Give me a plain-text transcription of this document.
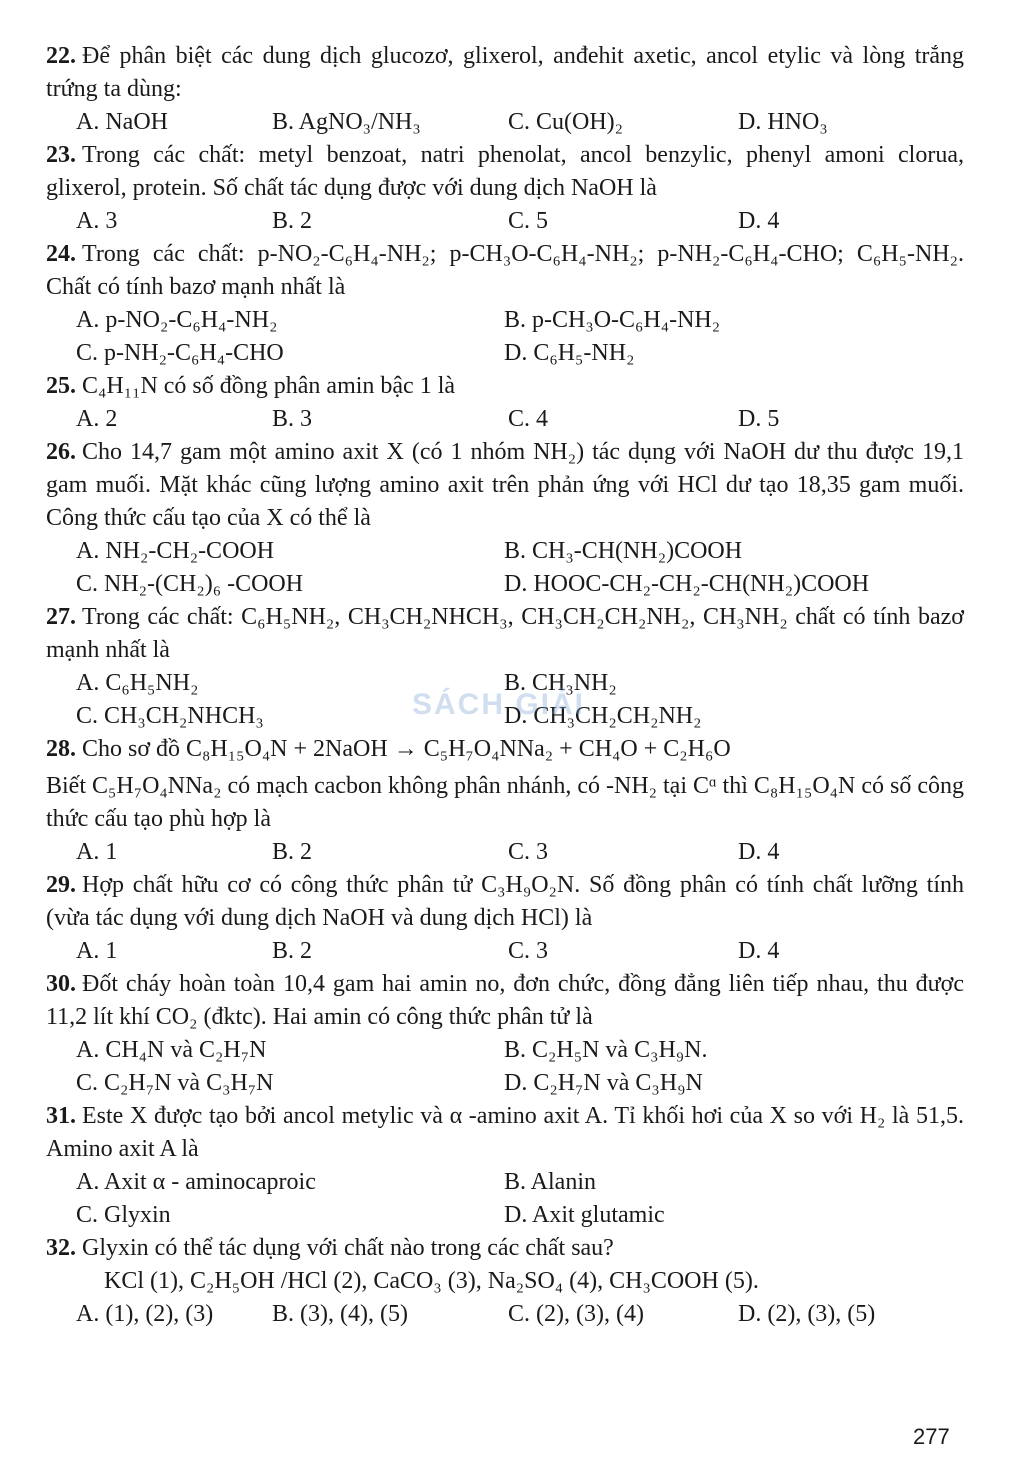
22. Để phân biệt các dung dịch glucozơ, glixerol, anđehit axetic, ancol etylic và lòng trắng trứng ta dùng:
A. NaOH	B. AgNO₃/NH₃	C. Cu(OH)₂	D. HNO₃
23. Trong các chất: metyl benzoat, natri phenolat, ancol benzylic, phenyl amoni clorua, glixerol, protein. Số chất tác dụng được với dung dịch NaOH là
A. 3	B. 2	C. 5	D. 4
24. Trong các chất: p-NO₂-C₆H₄-NH₂; p-CH₃O-C₆H₄-NH₂; p-NH₂-C₆H₄-CHO; C₆H₅-NH₂. Chất có tính bazơ mạnh nhất là
A. p-NO₂-C₆H₄-NH₂	B. p-CH₃O-C₆H₄-NH₂
C. p-NH₂-C₆H₄-CHO	D. C₆H₅-NH₂
25. C₄H₁₁N có số đồng phân amin bậc 1 là
A. 2	B. 3	C. 4	D. 5
26. Cho 14,7 gam một amino axit X (có 1 nhóm NH₂) tác dụng với NaOH dư thu được 19,1 gam muối. Mặt khác cũng lượng amino axit trên phản ứng với HCl dư tạo 18,35 gam muối. Công thức cấu tạo của X có thể là
A. NH₂-CH₂-COOH	B. CH₃-CH(NH₂)COOH
C. NH₂-(CH₂)₆ -COOH	D. HOOC-CH₂-CH₂-CH(NH₂)COOH
27. Trong các chất: C₆H₅NH₂, CH₃CH₂NHCH₃, CH₃CH₂CH₂NH₂, CH₃NH₂ chất có tính bazơ mạnh nhất là
A. C₆H₅NH₂	B. CH₃NH₂
C. CH₃CH₂NHCH₃	D. CH₃CH₂CH₂NH₂
28. Cho sơ đồ C₈H₁₅O₄N + 2NaOH → C₅H₇O₄NNa₂ + CH₄O + C₂H₆O
Biết C₅H₇O₄NNa₂ có mạch cacbon không phân nhánh, có -NH₂ tại Cᵅ thì C₈H₁₅O₄N có số công thức cấu tạo phù hợp là
A. 1	B. 2	C. 3	D. 4
29. Hợp chất hữu cơ có công thức phân tử C₃H₉O₂N. Số đồng phân có tính chất lưỡng tính (vừa tác dụng với dung dịch NaOH và dung dịch HCl) là
A. 1	B. 2	C. 3	D. 4
30. Đốt cháy hoàn toàn 10,4 gam hai amin no, đơn chức, đồng đẳng liên tiếp nhau, thu được 11,2 lít khí CO₂ (đktc). Hai amin có công thức phân tử là
A. CH₄N và C₂H₇N	B. C₂H₅N và C₃H₉N.
C. C₂H₇N và C₃H₇N	D. C₂H₇N và C₃H₉N
31. Este X được tạo bởi ancol metylic và α -amino axit A. Tỉ khối hơi của X so với H₂ là 51,5. Amino axit A là
A. Axit α - aminocaproic	B. Alanin
C. Glyxin	D. Axit glutamic
32. Glyxin có thể tác dụng với chất nào trong các chất sau?
KCl (1), C₂H₅OH /HCl (2), CaCO₃ (3), Na₂SO₄ (4), CH₃COOH (5).
A. (1), (2), (3)	B. (3), (4), (5)	C. (2), (3), (4)	D. (2), (3), (5)
SÁCH GIẢI
277
